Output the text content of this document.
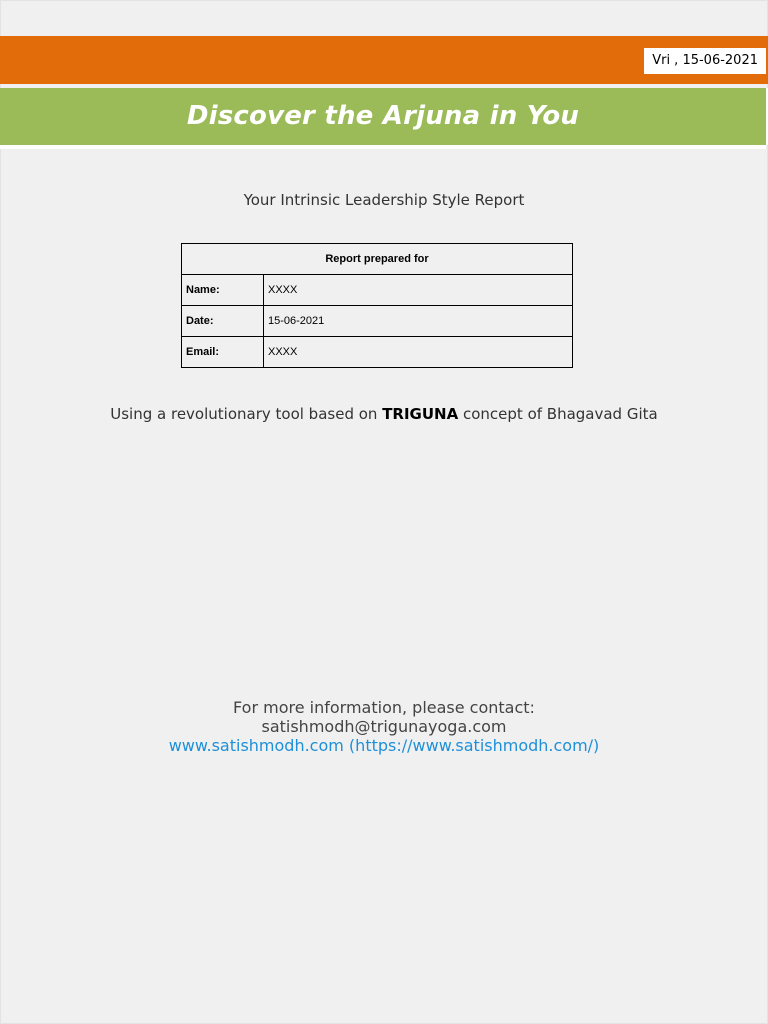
Vri , 15-06-2021
Discover the Arjuna in You
Your Intrinsic Leadership Style Report
Report prepared for	
Name:	XXXX
Date:	15-06-2021
Email:	XXXX
Using a revolutionary tool based on TRIGUNA concept of Bhagavad Gita
For more information, please contact:
satishmodh@trigunayoga.com
www.satishmodh.com (https://www.satishmodh.com/)
